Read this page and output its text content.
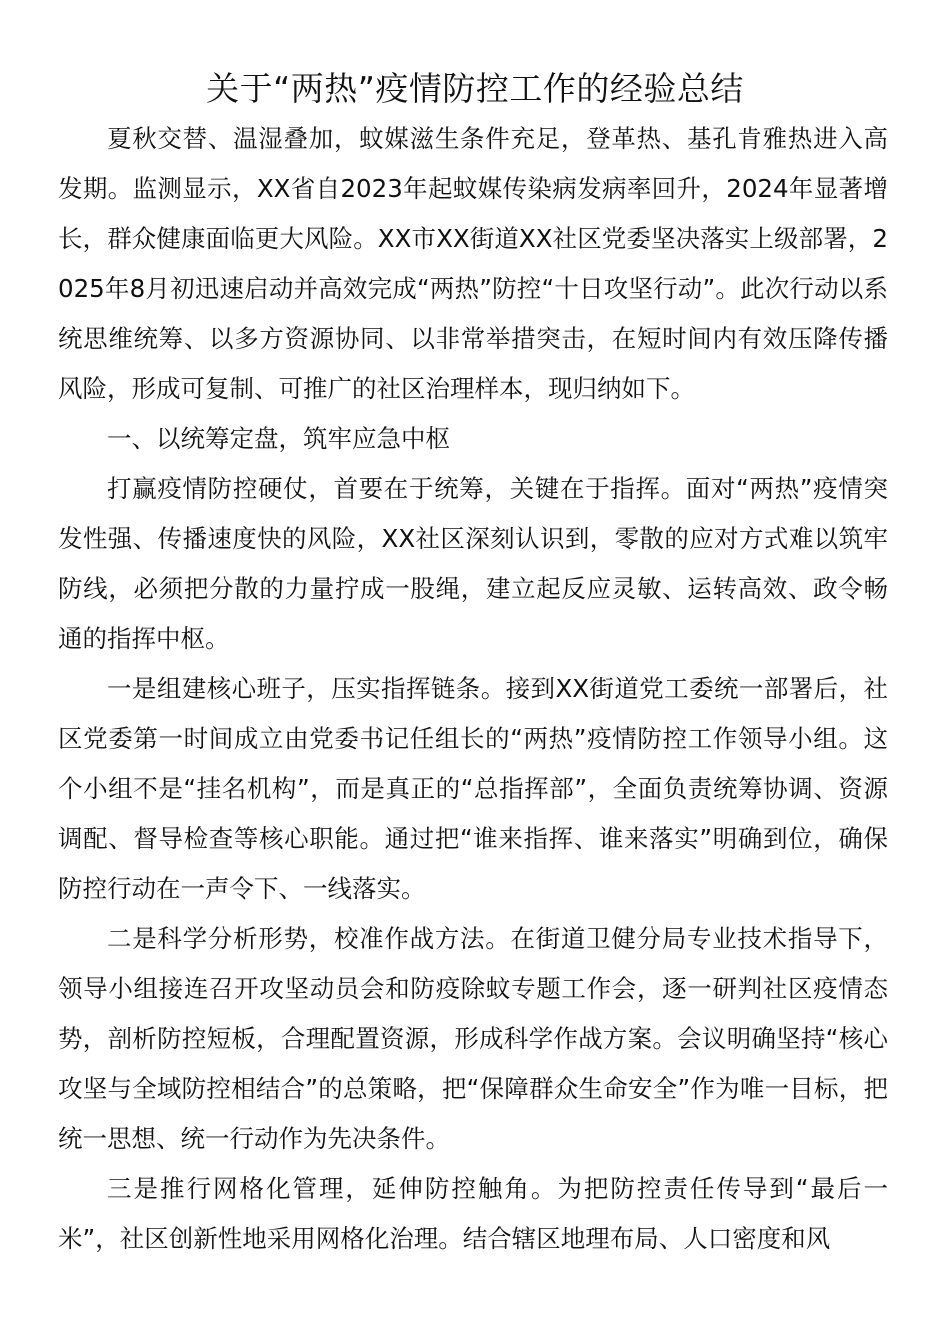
关于“两热”疫情防控工作的经验总结

夏秋交替、温湿叠加，蚊媒滋生条件充足，登革热、基孔肯雅热进入高发期。监测显示，XX省自2023年起蚊媒传染病发病率回升，2024年显著增长，群众健康面临更大风险。XX市XX街道XX社区党委坚决落实上级部署，2025年8月初迅速启动并高效完成“两热”防控“十日攻坚行动”。此次行动以系统思维统筹、以多方资源协同、以非常举措突击，在短时间内有效压降传播风险，形成可复制、可推广的社区治理样本，现归纳如下。

一、以统筹定盘，筑牢应急中枢

打赢疫情防控硬仗，首要在于统筹，关键在于指挥。面对“两热”疫情突发性强、传播速度快的风险，XX社区深刻认识到，零散的应对方式难以筑牢防线，必须把分散的力量拧成一股绳，建立起反应灵敏、运转高效、政令畅通的指挥中枢。

一是组建核心班子，压实指挥链条。接到XX街道党工委统一部署后，社区党委第一时间成立由党委书记任组长的“两热”疫情防控工作领导小组。这个小组不是“挂名机构”，而是真正的“总指挥部”，全面负责统筹协调、资源调配、督导检查等核心职能。通过把“谁来指挥、谁来落实”明确到位，确保防控行动在一声令下、一线落实。

二是科学分析形势，校准作战方法。在街道卫健分局专业技术指导下，领导小组接连召开攻坚动员会和防疫除蚊专题工作会，逐一研判社区疫情态势，剖析防控短板，合理配置资源，形成科学作战方案。会议明确坚持“核心攻坚与全域防控相结合”的总策略，把“保障群众生命安全”作为唯一目标，把统一思想、统一行动作为先决条件。

三是推行网格化管理，延伸防控触角。为把防控责任传导到“最后一米”，社区创新性地采用网格化治理。结合辖区地理布局、人口密度和风
